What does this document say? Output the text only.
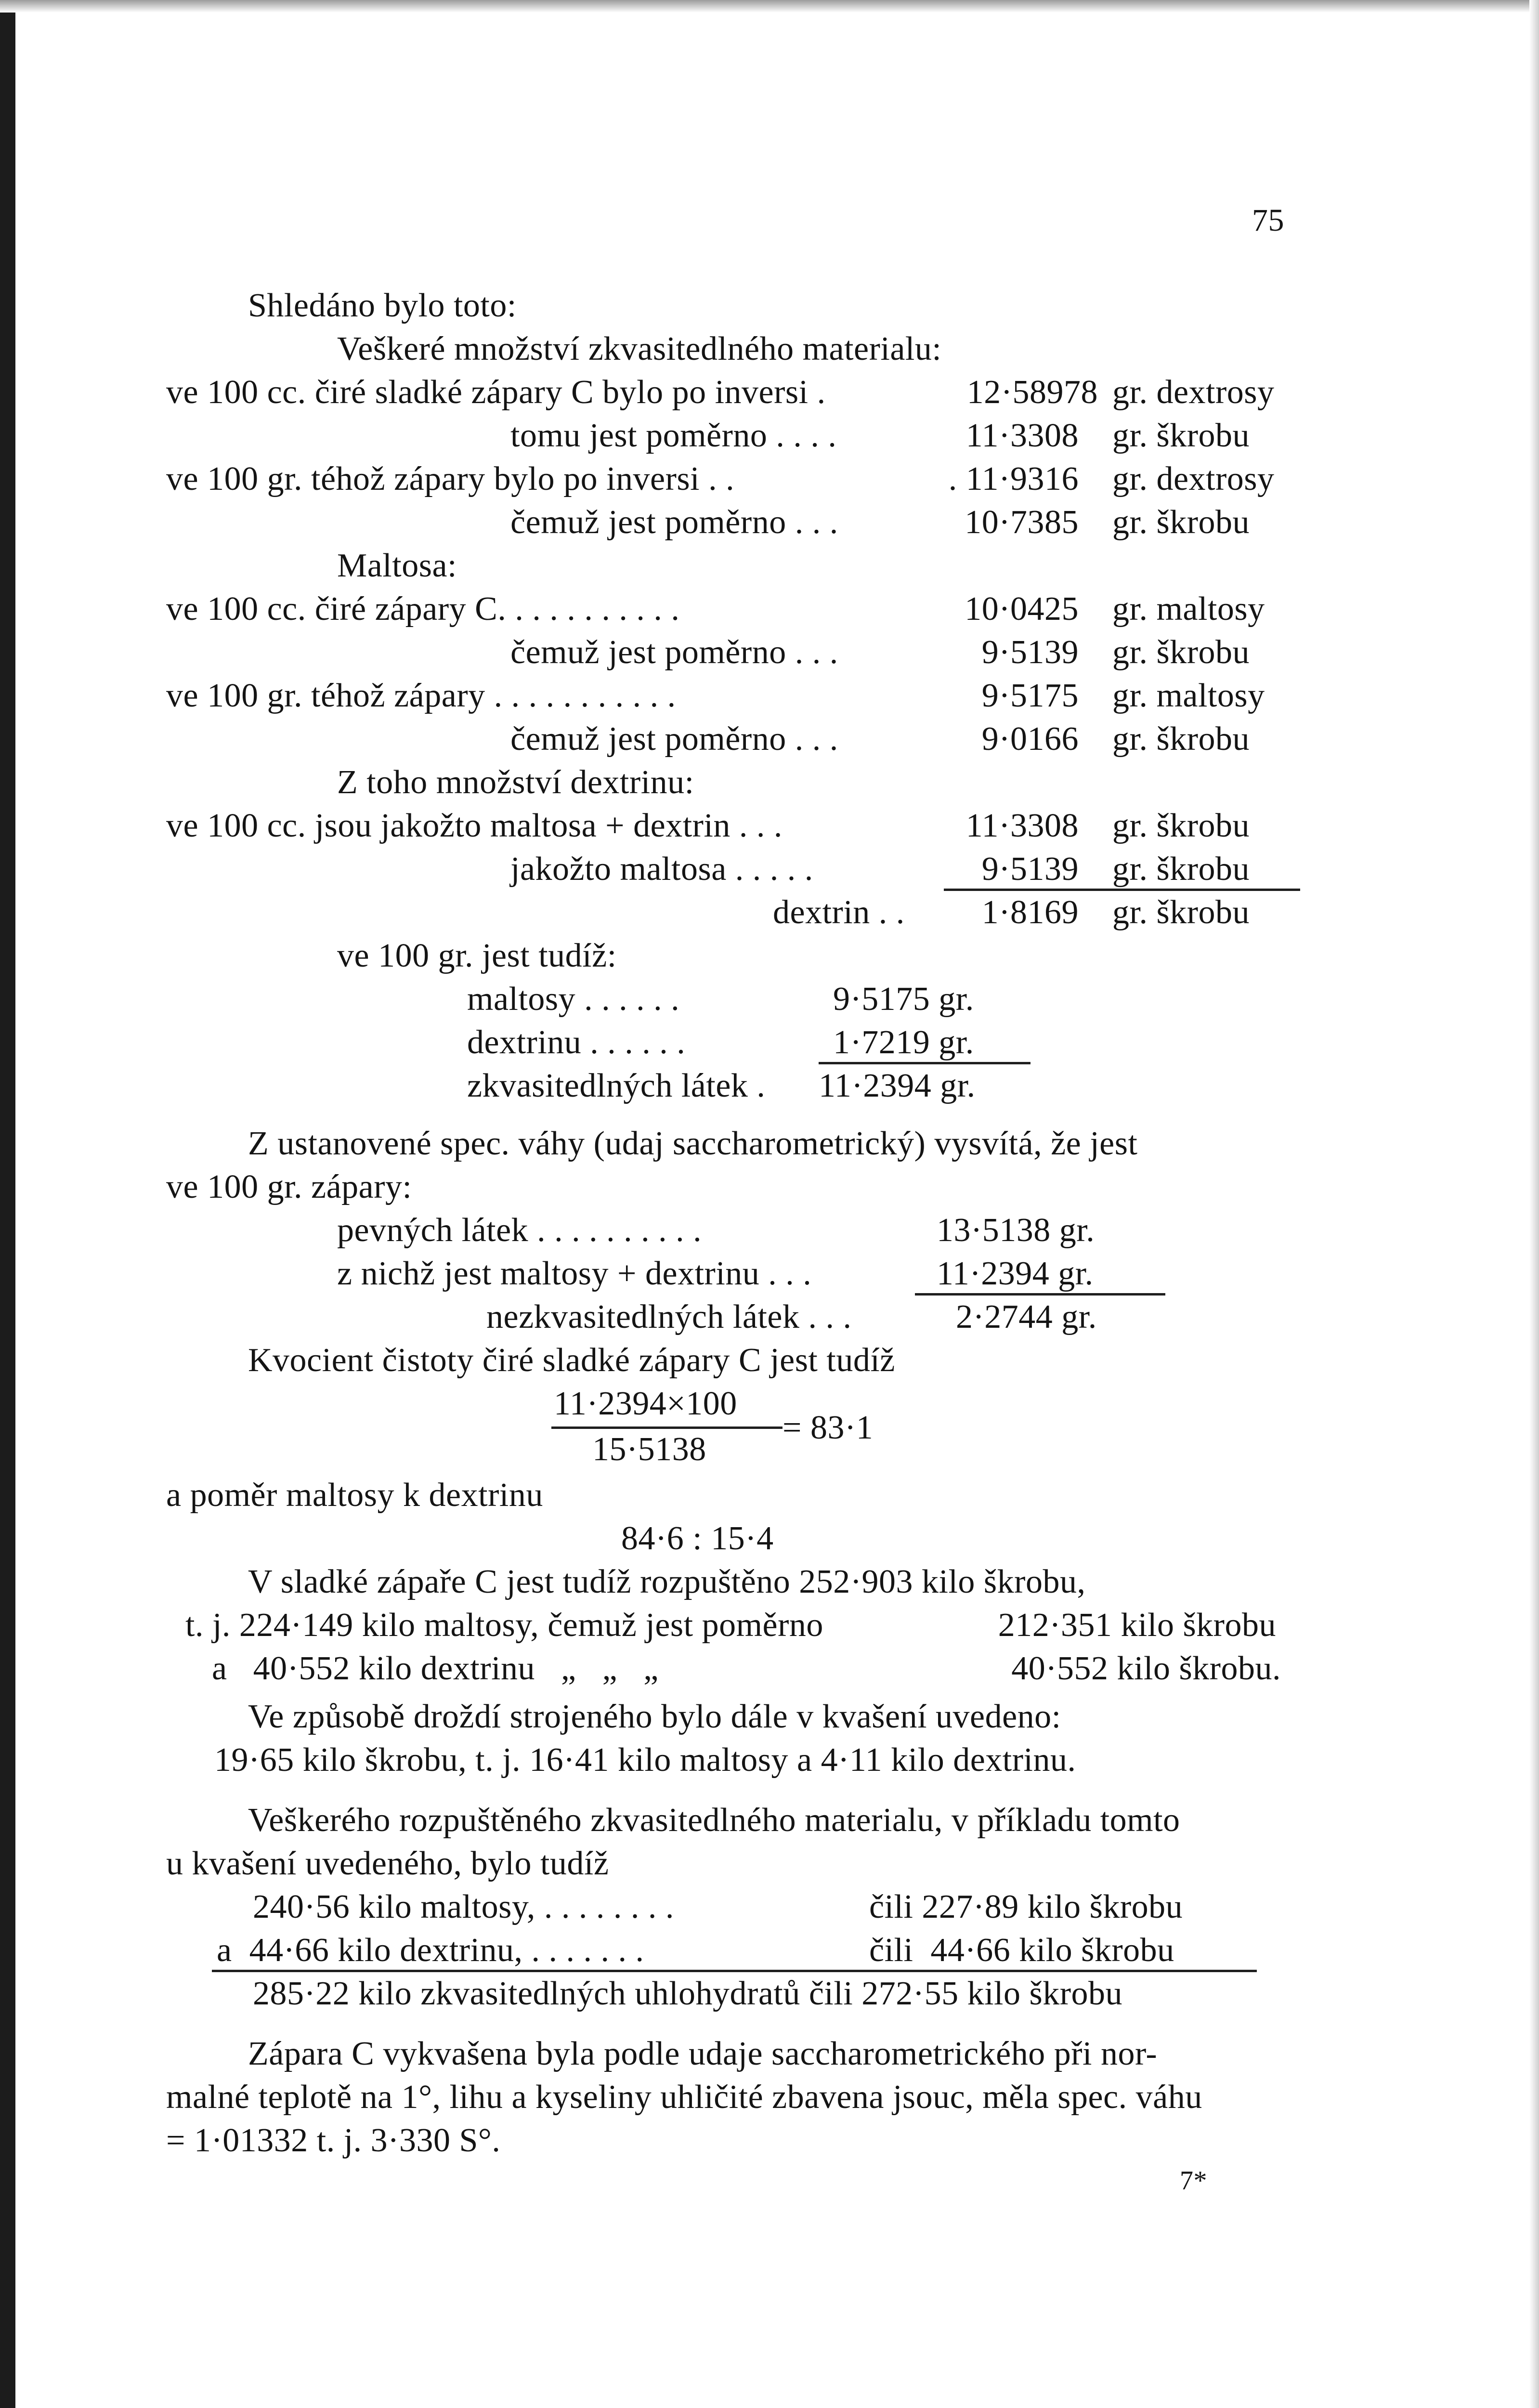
75
Shledáno bylo toto:
Veškeré množství zkvasitedlného materialu:
ve 100 cc. čiré sladké zápary C bylo po inversi .	12·58978 gr. dextrosy
tomu jest poměrno . . . .	11·3308 gr. škrobu
ve 100 gr. téhož zápary bylo po inversi . .	. 11·9316 gr. dextrosy
čemuž jest poměrno . . .	10·7385 gr. škrobu
Maltosa:
ve 100 cc. čiré zápary C. . . . . . . . . . .	10·0425 gr. maltosy
čemuž jest poměrno . . .	9·5139 gr. škrobu
ve 100 gr. téhož zápary . . . . . . . . . . .	9·5175 gr. maltosy
čemuž jest poměrno . . .	9·0166 gr. škrobu
Z toho množství dextrinu:
ve 100 cc. jsou jakožto maltosa + dextrin . . .	11·3308 gr. škrobu
jakožto maltosa . . . . .	9·5139 gr. škrobu
dextrin . .	1·8169 gr. škrobu
ve 100 gr. jest tudíž:
maltosy . . . . . .	9·5175 gr.
dextrinu . . . . . .	1·7219 gr.
zkvasitedlných látek . 11·2394 gr.
Z ustanovené spec. váhy (udaj saccharometrický) vysvítá, že jest
ve 100 gr. zápary:
pevných látek . . . . . . . . . .	13·5138 gr.
z nichž jest maltosy + dextrinu . . .	11·2394 gr.
nezkvasitedlných látek . . .	2·2744 gr.
Kvocient čistoty čiré sladké zápary C jest tudíž
11·2394×100
15·5138
= 83·1
a poměr maltosy k dextrinu
84·6 : 15·4
V sladké zápaře C jest tudíž rozpuštěno 252·903 kilo škrobu,
t. j. 224·149 kilo maltosy, čemuž jest poměrno	212·351 kilo škrobu
a   40·552 kilo dextrinu   „   „   „	40·552 kilo škrobu.
Ve způsobě droždí strojeného bylo dále v kvašení uvedeno:
19·65 kilo škrobu, t. j. 16·41 kilo maltosy a 4·11 kilo dextrinu.
Veškerého rozpuštěného zkvasitedlného materialu, v příkladu tomto
u kvašení uvedeného, bylo tudíž
240·56 kilo maltosy, . . . . . . . .	čili 227·89 kilo škrobu
a  44·66 kilo dextrinu, . . . . . . .	čili  44·66 kilo škrobu
285·22 kilo zkvasitedlných uhlohydratů čili 272·55 kilo škrobu
Zápara C vykvašena byla podle udaje saccharometrického při nor-
malné teplotě na 1°, lihu a kyseliny uhličité zbavena jsouc, měla spec. váhu
= 1·01332 t. j. 3·330 S°.
7*
